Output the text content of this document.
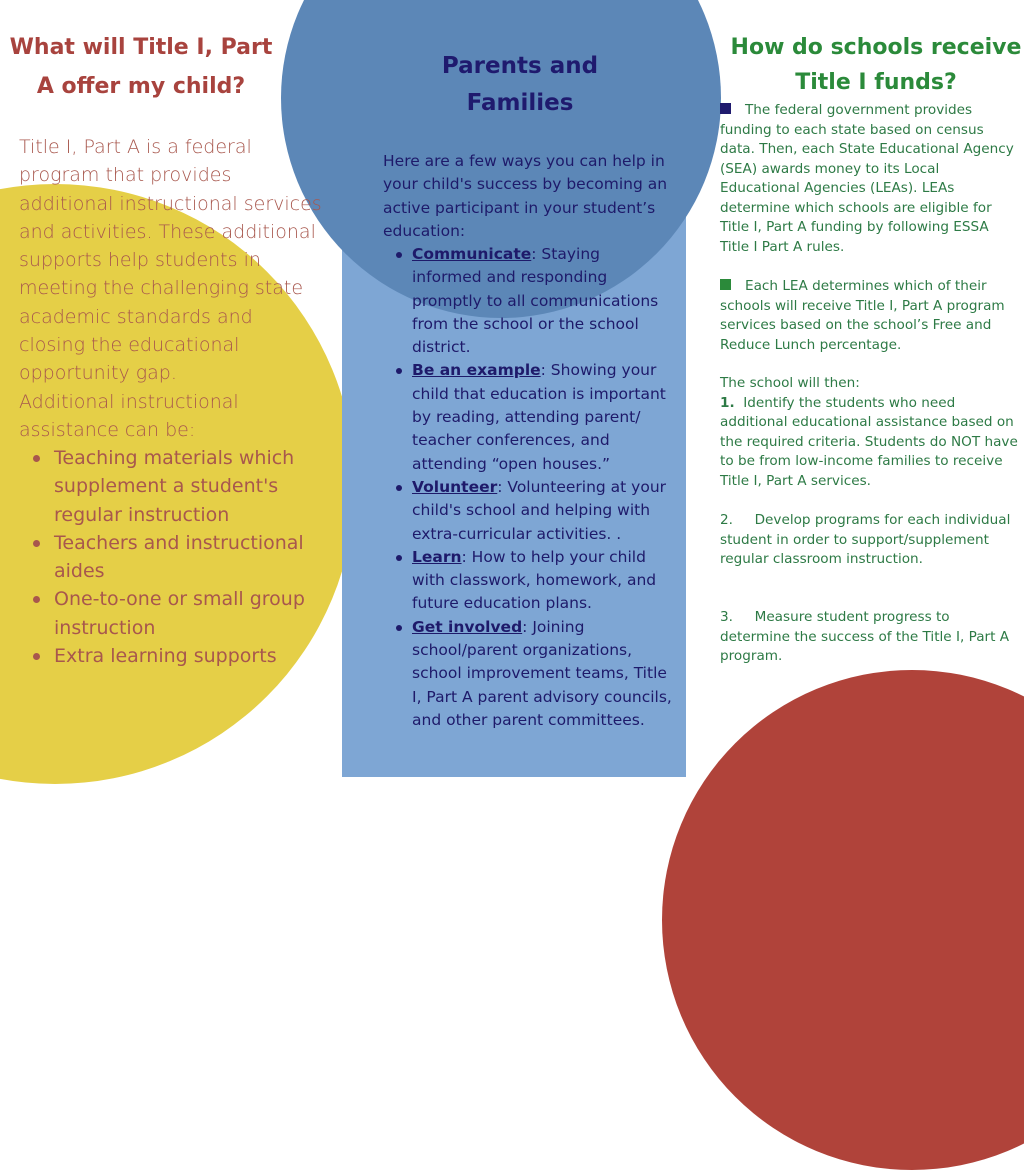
What will Title I, Part A offer my child?

Title I, Part A is a federal program that provides additional instructional services and activities. These additional supports help students in meeting the challenging state academic standards and closing the educational opportunity gap.
Additional instructional assistance can be:

Teaching materials which supplement a student's regular instruction
Teachers and instructional aides
One-to-one or small group instruction
Extra learning supports
Parents and Families

Here are a few ways you can help in your child's success by becoming an active participant in your student’s education:

Communicate: Staying informed and responding promptly to all communications from the school or the school district.
Be an example: Showing your child that education is important by reading, attending parent/ teacher conferences, and attending “open houses.”
Volunteer: Volunteering at your child's school and helping with extra-curricular activities. .
Learn: How to help your child with classwork, homework, and future education plans.
Get involved: Joining school/parent organizations, school improvement teams, Title I, Part A parent advisory councils, and other parent committees.
How do schools receive Title I funds?

The federal government provides funding to each state based on census data. Then, each State Educational Agency (SEA) awards money to its Local Educational Agencies (LEAs). LEAs determine which schools are eligible for Title I, Part A funding by following ESSA Title I Part A rules.

Each LEA determines which of their schools will receive Title I, Part A program services based on the school’s Free and Reduce Lunch percentage.

The school will then:
1. Identify the students who need additional educational assistance based on the required criteria. Students do NOT have to be from low-income families to receive Title I, Part A services.

2. Develop programs for each individual student in order to support/supplement regular classroom instruction.

3. Measure student progress to determine the success of the Title I, Part A program.
